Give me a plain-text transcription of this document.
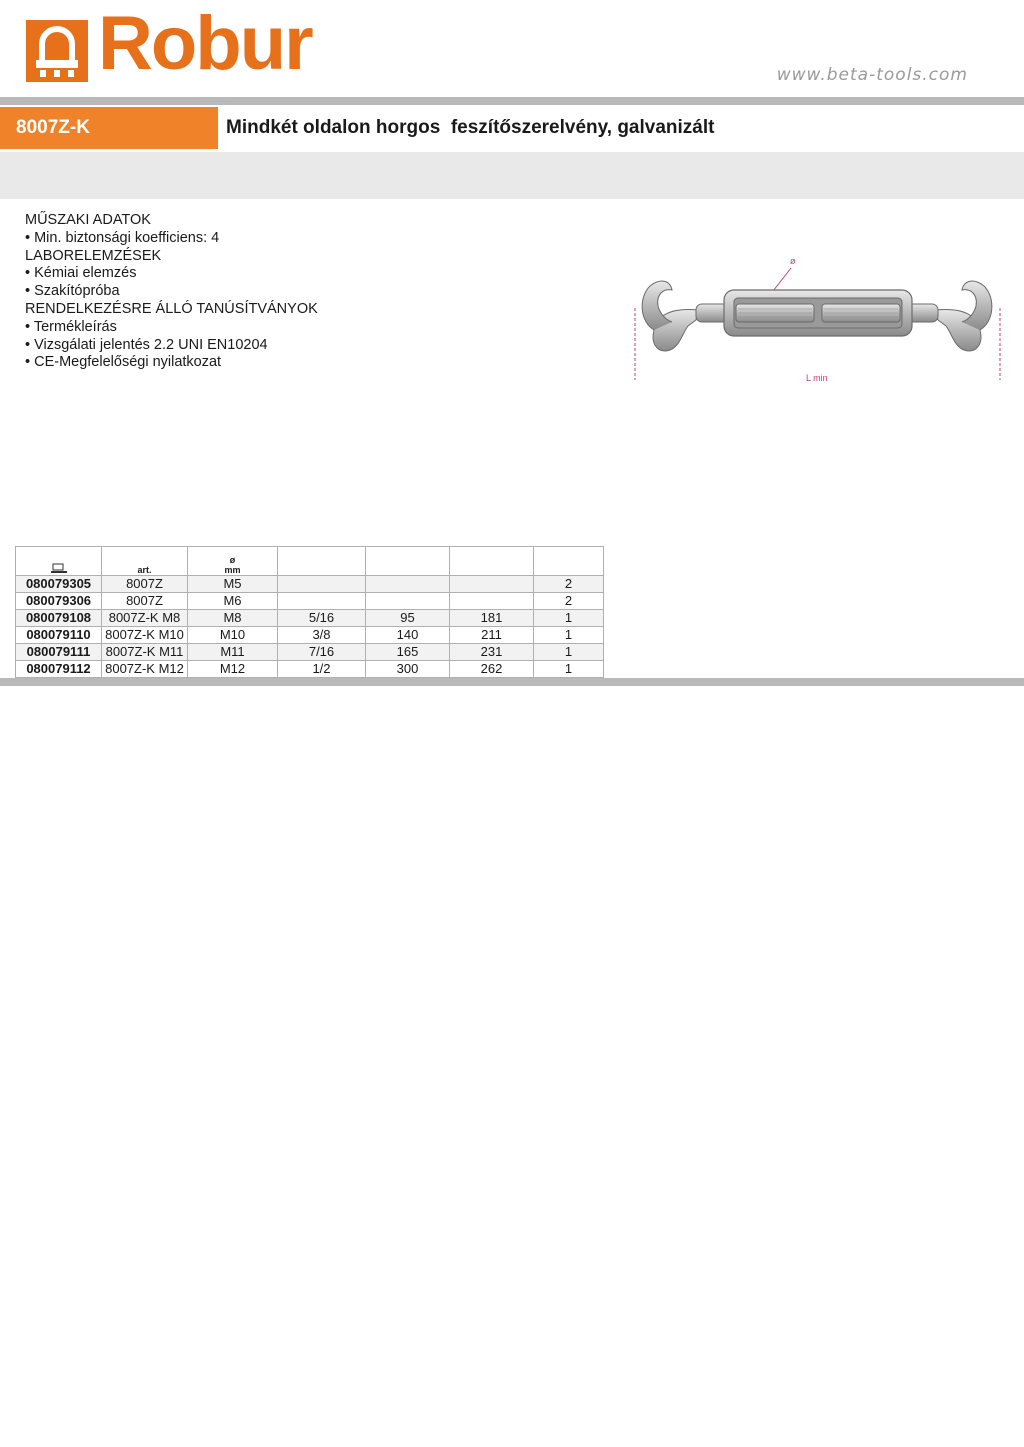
Robur	www.beta-tools.com
8007Z-K	Mindkét oldalon horgos  feszítőszerelvény, galvanizált
MŰSZAKI ADATOK
• Min. biztonsági koefficiens: 4
LABORELEMZÉSEK
• Kémiai elemzés
• Szakítópróba
RENDELKEZÉSRE ÁLLÓ TANÚSÍTVÁNYOK
• Termékleírás
• Vizsgálati jelentés 2.2 UNI EN10204
• CE-Megfelelőségi nyilatkozat
ø
L min
	art.	ø
mm				

080079305	8007Z	M5				2
080079306	8007Z	M6				2
080079108	8007Z-K M8	M8	5/16	95	181	1
080079110	8007Z-K M10	M10	3/8	140	211	1
080079111	8007Z-K M11	M11	7/16	165	231	1
080079112	8007Z-K M12	M12	1/2	300	262	1
